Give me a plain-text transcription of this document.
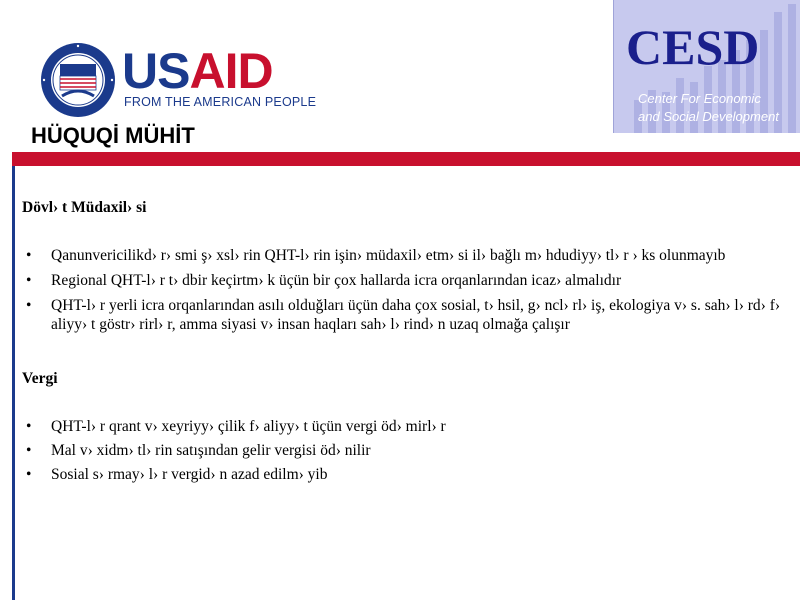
USAID
FROM THE AMERICAN PEOPLE
CESD
Center For Economic
and Social Development
HÜQUQİ MÜHİT

Dövl› t Müdaxil› si

• Qanunvericilikd› r› smi ş› xsl› rin QHT-l› rin işin› müdaxil› etm› si il› bağlı m› hdudiyy› tl› r › ks olunmayıb
• Regional QHT-l› r t› dbir keçirtm› k üçün bir çox hallarda icra orqanlarından icaz› almalıdır
• QHT-l› r yerli icra orqanlarından asılı olduğları üçün daha çox sosial, t› hsil, g› ncl› rl› iş, ekologiya v› s. sah› l› rd› f› aliyy› t göstr› rirl› r, amma siyasi v› insan haqları sah› l› rind› n uzaq olmağa çalışır

Vergi

• QHT-l› r qrant v› xeyriyy› çilik f› aliyy› t üçün vergi öd› mirl› r
• Mal v› xidm› tl› rin satışından gelir vergisi öd› nilir
• Sosial s› rmay› l› r vergid› n azad edilm› yib
